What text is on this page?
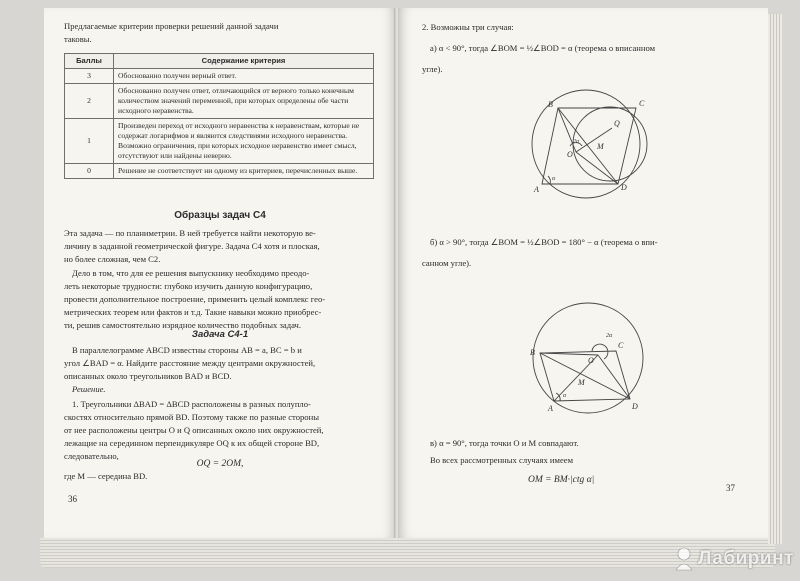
Предлагаемые критерии проверки решений данной задачи

таковы.

Баллы	Содержание критерия
3	Обоснованно получен верный ответ.
2	Обоснованно получен ответ, отличающийся от верного только конечным количеством значений переменной, при которых определены обе части исходного неравенства.
1	Произведен переход от исходного неравенства к неравенствам, которые не содержат логарифмов и являются следствиями исходного неравенства. Возможно ограничения, при которых исходное неравенство имеет смысл, отсутствуют или найдены неверно.
0	Решение не соответствует ни одному из критериев, перечисленных выше.

Образцы задач С4

Эта задача — по планиметрии. В ней требуется найти некоторую ве-

личину в заданной геометрической фигуре. Задача С4 хотя и плоская,

но более сложная, чем С2.

Дело в том, что для ее решения выпускнику необходимо преодо-

леть некоторые трудности: глубоко изучить данную конфигурацию,

провести дополнительное построение, применить целый комплекс гео-

метрических теорем или фактов и т.д. Такие навыки можно приобрес-

ти, решив самостоятельно изрядное количество подобных задач.

Задача С4-1

В параллелограмме ABCD известны стороны AB = a, BC = b и

угол ∠BAD = α. Найдите расстояние между центрами окружностей,

описанных около треугольников BAD и BCD.

Решение.

1. Треугольники ΔBAD = ΔBCD расположены в разных полупло-

скостях относительно прямой BD. Поэтому также по разные стороны

от нее расположены центры O и Q описанных около них окружностей,

лежащие на серединном перпендикуляре OQ к их общей стороне BD,

следовательно,

OQ = 2OM,

где M — середина BD.

36

2. Возможны три случая:

а) α < 90°, тогда ∠BOM = ½∠BOD = α (теорема о вписанном

угле).

B	C
Q
O
M
A	D
2α
α

б) α > 90°, тогда ∠BOM = ½∠BOD = 180° − α (теорема о впи-

санном угле).

B
C
O
M
A	D
2α
α

в) α = 90°, тогда точки O и M совпадают.

Во всех рассмотренных случаях имеем

OM = BM·|ctg α|

37
Лабиринт
